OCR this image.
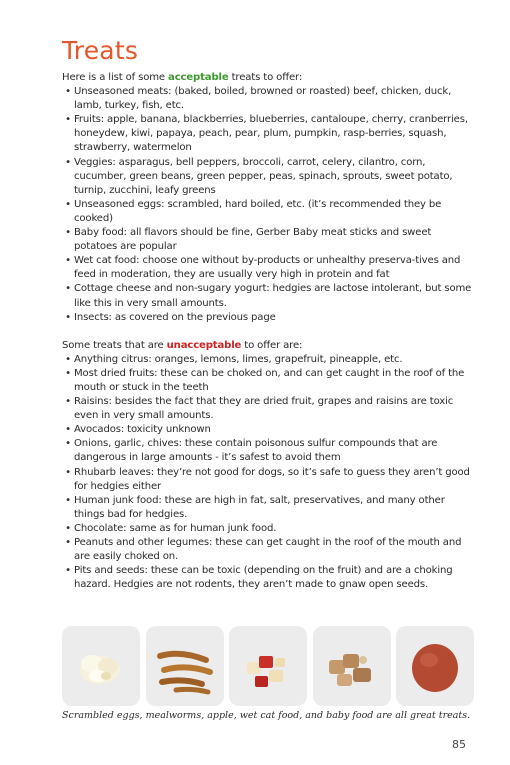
Treats

Here is a list of some acceptable treats to offer:

• Unseasoned meats: (baked, boiled, browned or roasted) beef, chicken, duck, lamb, turkey, fish, etc.

• Fruits: apple, banana, blackberries, blueberries, cantaloupe, cherry, cranberries, honeydew, kiwi, papaya, peach, pear, plum, pumpkin, rasp-berries, squash, strawberry, watermelon

• Veggies: asparagus, bell peppers, broccoli, carrot, celery, cilantro, corn, cucumber, green beans, green pepper, peas, spinach, sprouts, sweet potato, turnip, zucchini, leafy greens

• Unseasoned eggs: scrambled, hard boiled, etc. (it’s recommended they be cooked)

• Baby food: all flavors should be fine, Gerber Baby meat sticks and sweet potatoes are popular

• Wet cat food: choose one without by-products or unhealthy preserva-tives and feed in moderation, they are usually very high in protein and fat

• Cottage cheese and non-sugary yogurt: hedgies are lactose intolerant, but some like this in very small amounts.

• Insects: as covered on the previous page

Some treats that are unacceptable to offer are:

• Anything citrus: oranges, lemons, limes, grapefruit, pineapple, etc.

• Most dried fruits: these can be choked on, and can get caught in the roof of the mouth or stuck in the teeth

• Raisins: besides the fact that they are dried fruit, grapes and raisins are toxic even in very small amounts.

• Avocados: toxicity unknown

• Onions, garlic, chives: these contain poisonous sulfur compounds that are dangerous in large amounts - it’s safest to avoid them

• Rhubarb leaves: they’re not good for dogs, so it’s safe to guess they aren’t good for hedgies either

• Human junk food: these are high in fat, salt, preservatives, and many other things bad for hedgies.

• Chocolate: same as for human junk food.

• Peanuts and other legumes: these can get caught in the roof of the mouth and are easily choked on.

• Pits and seeds: these can be toxic (depending on the fruit) and are a choking hazard. Hedgies are not rodents, they aren’t made to gnaw open seeds.

Scrambled eggs, mealworms, apple, wet cat food, and baby food are all great treats.
85
